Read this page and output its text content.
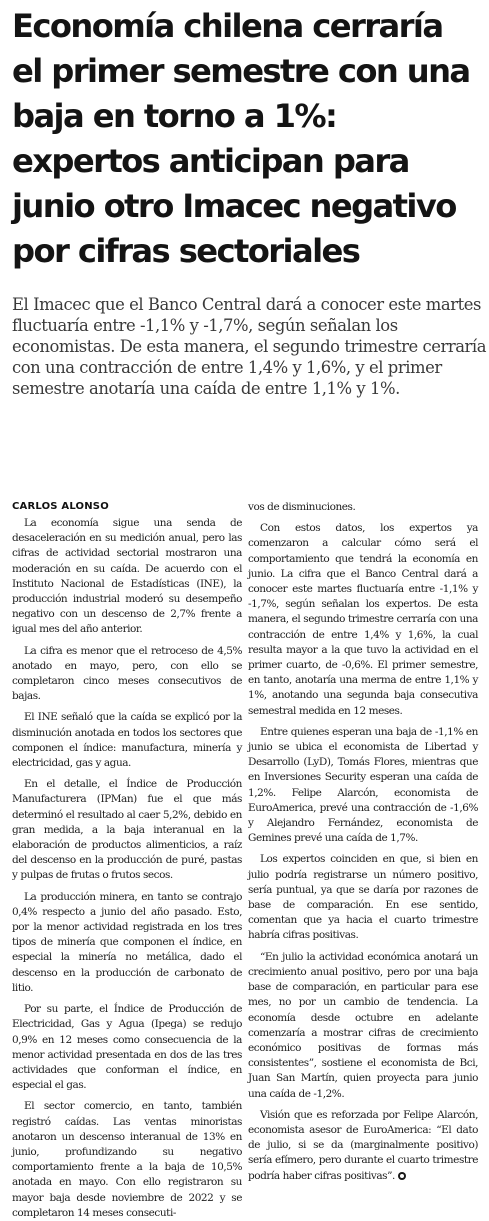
Economía chilena cerraría
el primer semestre con una
baja en torno a 1%:
expertos anticipan para
junio otro Imacec negativo
por cifras sectoriales

El Imacec que el Banco Central dará a conocer este martes
fluctuaría entre -1,1% y -1,7%, según señalan los
economistas. De esta manera, el segundo trimestre cerraría
con una contracción de entre 1,4% y 1,6%, y el primer
semestre anotaría una caída de entre 1,1% y 1%.

CARLOS ALONSO

La economía sigue una senda de desaceleración en su medición anual, pero las cifras de actividad sectorial mostraron una moderación en su caída. De acuerdo con el Instituto Nacional de Estadísticas (INE), la producción industrial moderó su desempeño negativo con un descenso de 2,7% frente a igual mes del año anterior.

La cifra es menor que el retroceso de 4,5% anotado en mayo, pero, con ello se completaron cinco meses consecutivos de bajas.

El INE señaló que la caída se explicó por la disminución anotada en todos los sectores que componen el índice: manufactura, minería y electricidad, gas y agua.

En el detalle, el Índice de Producción Manufacturera (IPMan) fue el que más determinó el resultado al caer 5,2%, debido en gran medida, a la baja interanual en la elaboración de productos alimenticios, a raíz del descenso en la producción de puré, pastas y pulpas de frutas o frutos secos.

La producción minera, en tanto se contrajo 0,4% respecto a junio del año pasado. Esto, por la menor actividad registrada en los tres tipos de minería que componen el índice, en especial la minería no metálica, dado el descenso en la producción de carbonato de litio.

Por su parte, el Índice de Producción de Electricidad, Gas y Agua (Ipega) se redujo 0,9% en 12 meses como consecuencia de la menor actividad presentada en dos de las tres actividades que conforman el índice, en especial el gas.

El sector comercio, en tanto, también registró caídas. Las ventas minoristas anotaron un descenso interanual de 13% en junio, profundizando su negativo comportamiento frente a la baja de 10,5% anotada en mayo. Con ello registraron su mayor baja desde noviembre de 2022 y se completaron 14 meses consecuti-

vos de disminuciones.

Con estos datos, los expertos ya comenzaron a calcular cómo será el comportamiento que tendrá la economía en junio. La cifra que el Banco Central dará a conocer este martes fluctuaría entre -1,1% y -1,7%, según señalan los expertos. De esta manera, el segundo trimestre cerraría con una contracción de entre 1,4% y 1,6%, la cual resulta mayor a la que tuvo la actividad en el primer cuarto, de -0,6%. El primer semestre, en tanto, anotaría una merma de entre 1,1% y 1%, anotando una segunda baja consecutiva semestral medida en 12 meses.

Entre quienes esperan una baja de -1,1% en junio se ubica el economista de Libertad y Desarrollo (LyD), Tomás Flores, mientras que en Inversiones Security esperan una caída de 1,2%. Felipe Alarcón, economista de EuroAmerica, prevé una contracción de -1,6% y Alejandro Fernández, economista de Gemines prevé una caída de 1,7%.

Los expertos coinciden en que, si bien en julio podría registrarse un número positivo, sería puntual, ya que se daría por razones de base de comparación. En ese sentido, comentan que ya hacia el cuarto trimestre habría cifras positivas.

“En julio la actividad económica anotará un crecimiento anual positivo, pero por una baja base de comparación, en particular para ese mes, no por un cambio de tendencia. La economía desde octubre en adelante comenzaría a mostrar cifras de crecimiento económico positivas de formas más consistentes”, sostiene el economista de Bci, Juan San Martín, quien proyecta para junio una caída de -1,2%.

Visión que es reforzada por Felipe Alarcón, economista asesor de EuroAmerica: “El dato de julio, si se da (marginalmente positivo) sería efímero, pero durante el cuarto trimestre podría haber cifras positivas”.
